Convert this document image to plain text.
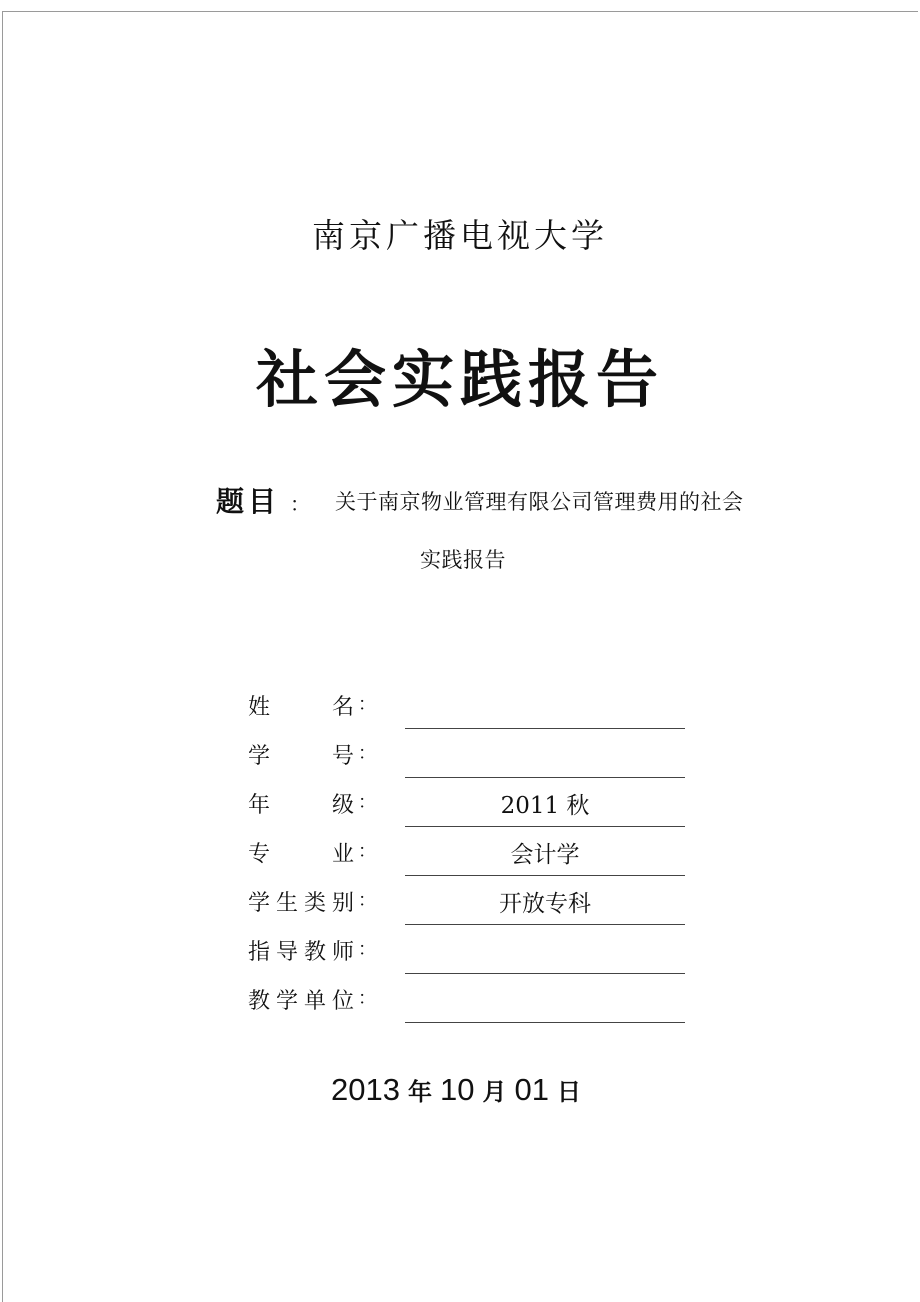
南京广播电视大学
社会实践报告
题目 ： 关于南京物业管理有限公司管理费用的社会
实践报告
姓	名 ：
学	号 ：
年	级 ：	2011 秋
专	业 ：	会计学
学 生 类 别 ：	开放专科
指 导 教 师 ：
教 学 单 位 ：
2013 年 10 月 01 日
